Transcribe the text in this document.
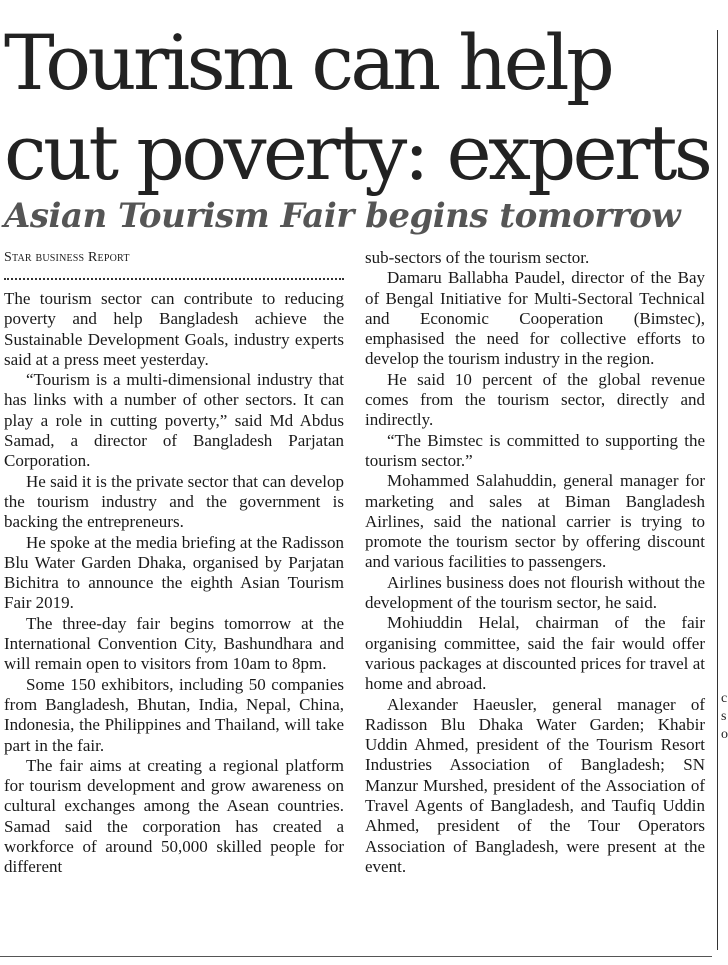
Tourism can help cut poverty: experts
Asian Tourism Fair begins tomorrow
Star business Report

The tourism sector can contribute to reducing poverty and help Bangladesh achieve the Sustainable Development Goals, industry experts said at a press meet yesterday.

“Tourism is a multi-dimensional industry that has links with a number of other sectors. It can play a role in cutting poverty,” said Md Abdus Samad, a director of Bangladesh Parjatan Corporation.

He said it is the private sector that can develop the tourism industry and the government is backing the entrepreneurs.

He spoke at the media briefing at the Radisson Blu Water Garden Dhaka, organised by Parjatan Bichitra to announce the eighth Asian Tourism Fair 2019.

The three-day fair begins tomorrow at the International Convention City, Bashundhara and will remain open to visitors from 10am to 8pm.

Some 150 exhibitors, including 50 companies from Bangladesh, Bhutan, India, Nepal, China, Indonesia, the Philippines and Thailand, will take part in the fair.

The fair aims at creating a regional platform for tourism development and grow awareness on cultural exchanges among the Asean countries. Samad said the corporation has created a workforce of around 50,000 skilled people for different

sub-sectors of the tourism sector.

Damaru Ballabha Paudel, director of the Bay of Bengal Initiative for Multi-Sectoral Technical and Economic Cooperation (Bimstec), emphasised the need for collective efforts to develop the tourism industry in the region.

He said 10 percent of the global revenue comes from the tourism sector, directly and indirectly.

“The Bimstec is committed to supporting the tourism sector.”

Mohammed Salahuddin, general manager for marketing and sales at Biman Bangladesh Airlines, said the national carrier is trying to promote the tourism sector by offering discount and various facilities to passengers.

Airlines business does not flourish without the development of the tourism sector, he said.

Mohiuddin Helal, chairman of the fair organising committee, said the fair would offer various packages at discounted prices for travel at home and abroad.

Alexander Haeusler, general manager of Radisson Blu Dhaka Water Garden; Khabir Uddin Ahmed, president of the Tourism Resort Industries Association of Bangladesh; SN Manzur Murshed, president of the Association of Travel Agents of Bangladesh, and Taufiq Uddin Ahmed, president of the Tour Operators Association of Bangladesh, were present at the event.

c
s
o
